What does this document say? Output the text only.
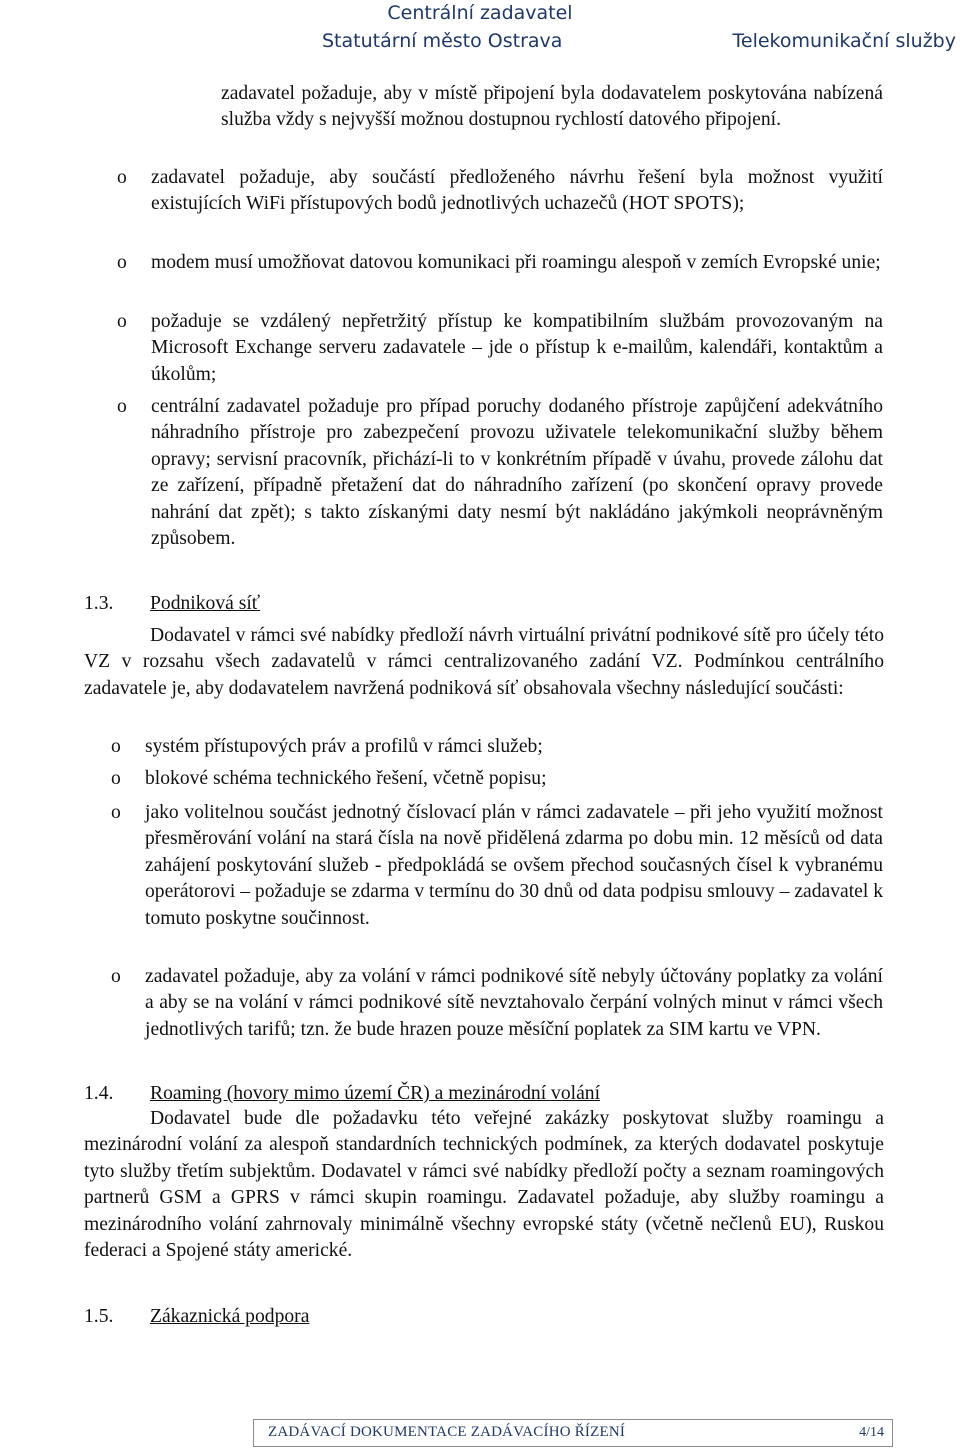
Centrální zadavatel
Statutární město Ostrava	Telekomunikační služby
zadavatel požaduje, aby v místě připojení byla dodavatelem poskytována nabízená služba vždy s nejvyšší možnou dostupnou rychlostí datového připojení.
o zadavatel požaduje, aby součástí předloženého návrhu řešení byla možnost využití existujících WiFi přístupových bodů jednotlivých uchazečů (HOT SPOTS);
o modem musí umožňovat datovou komunikaci při roamingu alespoň v zemích Evropské unie;
o požaduje se vzdálený nepřetržitý přístup ke kompatibilním službám provozovaným na Microsoft Exchange serveru zadavatele – jde o přístup k e-mailům, kalendáři, kontaktům a úkolům;
o centrální zadavatel požaduje pro případ poruchy dodaného přístroje zapůjčení adekvátního náhradního přístroje pro zabezpečení provozu uživatele telekomunikační služby během opravy; servisní pracovník, přichází-li to v konkrétním případě v úvahu, provede zálohu dat ze zařízení, případně přetažení dat do náhradního zařízení (po skončení opravy provede nahrání dat zpět); s takto získanými daty nesmí být nakládáno jakýmkoli neoprávněným způsobem.
1.3. Podniková síť
Dodavatel v rámci své nabídky předloží návrh virtuální privátní podnikové sítě pro účely této VZ v rozsahu všech zadavatelů v rámci centralizovaného zadání VZ. Podmínkou centrálního zadavatele je, aby dodavatelem navržená podniková síť obsahovala všechny následující součásti:
o systém přístupových práv a profilů v rámci služeb;
o blokové schéma technického řešení, včetně popisu;
o jako volitelnou součást jednotný číslovací plán v rámci zadavatele – při jeho využití možnost přesměrování volání na stará čísla na nově přidělená zdarma po dobu min. 12 měsíců od data zahájení poskytování služeb - předpokládá se ovšem přechod současných čísel k vybranému operátorovi – požaduje se zdarma v termínu do 30 dnů od data podpisu smlouvy – zadavatel k tomuto poskytne součinnost.
o zadavatel požaduje, aby za volání v rámci podnikové sítě nebyly účtovány poplatky za volání a aby se na volání v rámci podnikové sítě nevztahovalo čerpání volných minut v rámci všech jednotlivých tarifů; tzn. že bude hrazen pouze měsíční poplatek za SIM kartu ve VPN.
1.4. Roaming (hovory mimo území ČR) a mezinárodní volání
Dodavatel bude dle požadavku této veřejné zakázky poskytovat služby roamingu a mezinárodní volání za alespoň standardních technických podmínek, za kterých dodavatel poskytuje tyto služby třetím subjektům. Dodavatel v rámci své nabídky předloží počty a seznam roamingových partnerů GSM a GPRS v rámci skupin roamingu. Zadavatel požaduje, aby služby roamingu a mezinárodního volání zahrnovaly minimálně všechny evropské státy (včetně nečlenů EU), Ruskou federaci a Spojené státy americké.
1.5. Zákaznická podpora
ZADÁVACÍ DOKUMENTACE ZADÁVACÍHO ŘÍZENÍ	4/14
